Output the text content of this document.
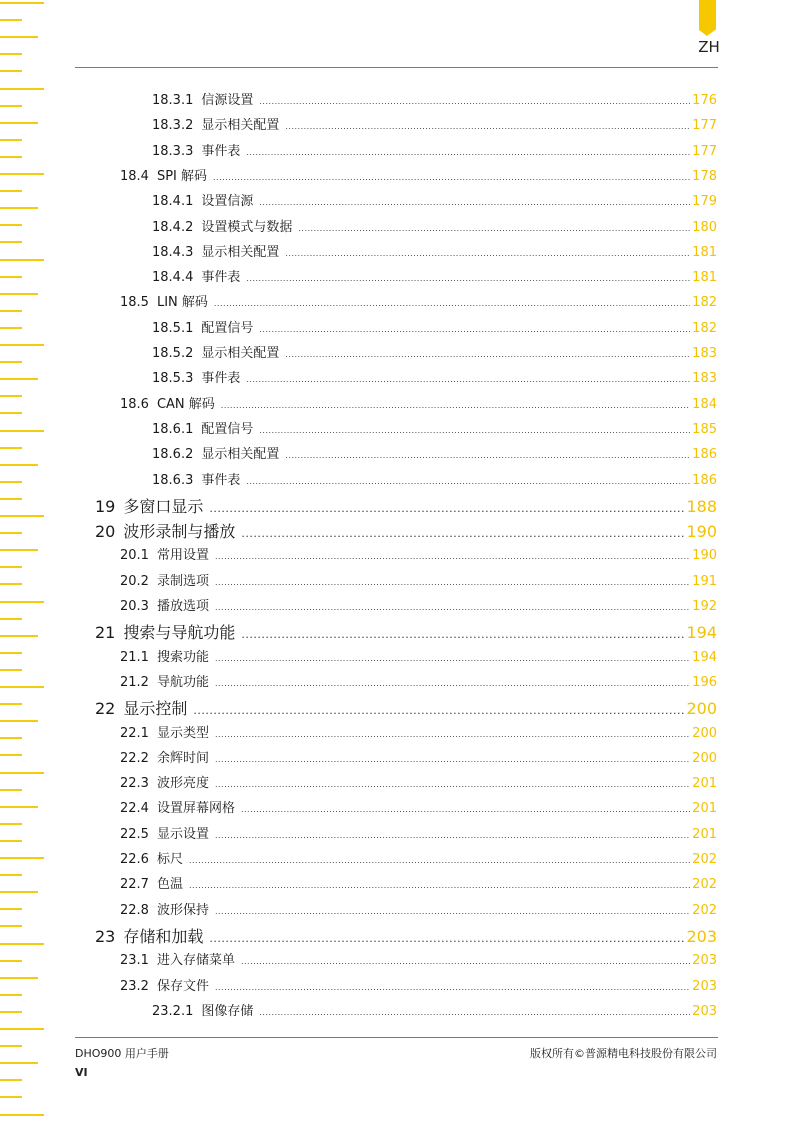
ZH
18.3.1 信源设置 .....	176
18.3.2 显示相关配置 .....	177
18.3.3 事件表 .....	177
18.4 SPI 解码 .....	178
18.4.1 设置信源 .....	179
18.4.2 设置模式与数据 .....	180
18.4.3 显示相关配置 .....	181
18.4.4 事件表 .....	181
18.5 LIN 解码 .....	182
18.5.1 配置信号 .....	182
18.5.2 显示相关配置 .....	183
18.5.3 事件表 .....	183
18.6 CAN 解码 .....	184
18.6.1 配置信号 .....	185
18.6.2 显示相关配置 .....	186
18.6.3 事件表 .....	186
19 多窗口显示 .....	188
20 波形录制与播放 .....	190
20.1 常用设置 .....	190
20.2 录制选项 .....	191
20.3 播放选项 .....	192
21 搜索与导航功能 .....	194
21.1 搜索功能 .....	194
21.2 导航功能 .....	196
22 显示控制 .....	200
22.1 显示类型 .....	200
22.2 余辉时间 .....	200
22.3 波形亮度 .....	201
22.4 设置屏幕网格 .....	201
22.5 显示设置 .....	201
22.6 标尺 .....	202
22.7 色温 .....	202
22.8 波形保持 .....	202
23 存储和加载 .....	203
23.1 进入存储菜单 .....	203
23.2 保存文件 .....	203
23.2.1 图像存储 .....	203
DHO900 用户手册	版权所有©普源精电科技股份有限公司
VI
